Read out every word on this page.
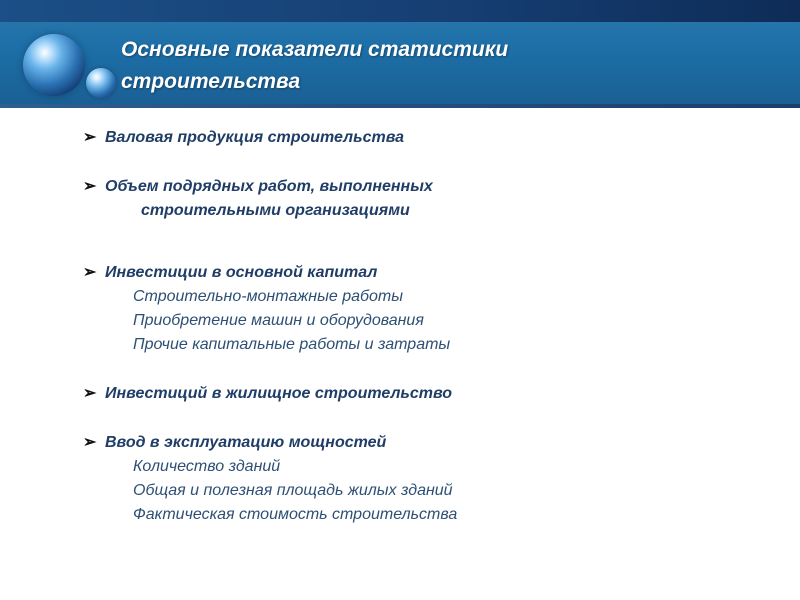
Основные показатели статистики строительства
➢ Валовая продукция строительства
➢ Объем подрядных работ, выполненных
строительными организациями
➢ Инвестиции в основной капитал
Строительно-монтажные работы
Приобретение машин и оборудования
Прочие капитальные работы и затраты
➢ Инвестиций в жилищное строительство
➢ Ввод в эксплуатацию мощностей
Количество зданий
Общая и полезная площадь жилых зданий
Фактическая стоимость строительства
